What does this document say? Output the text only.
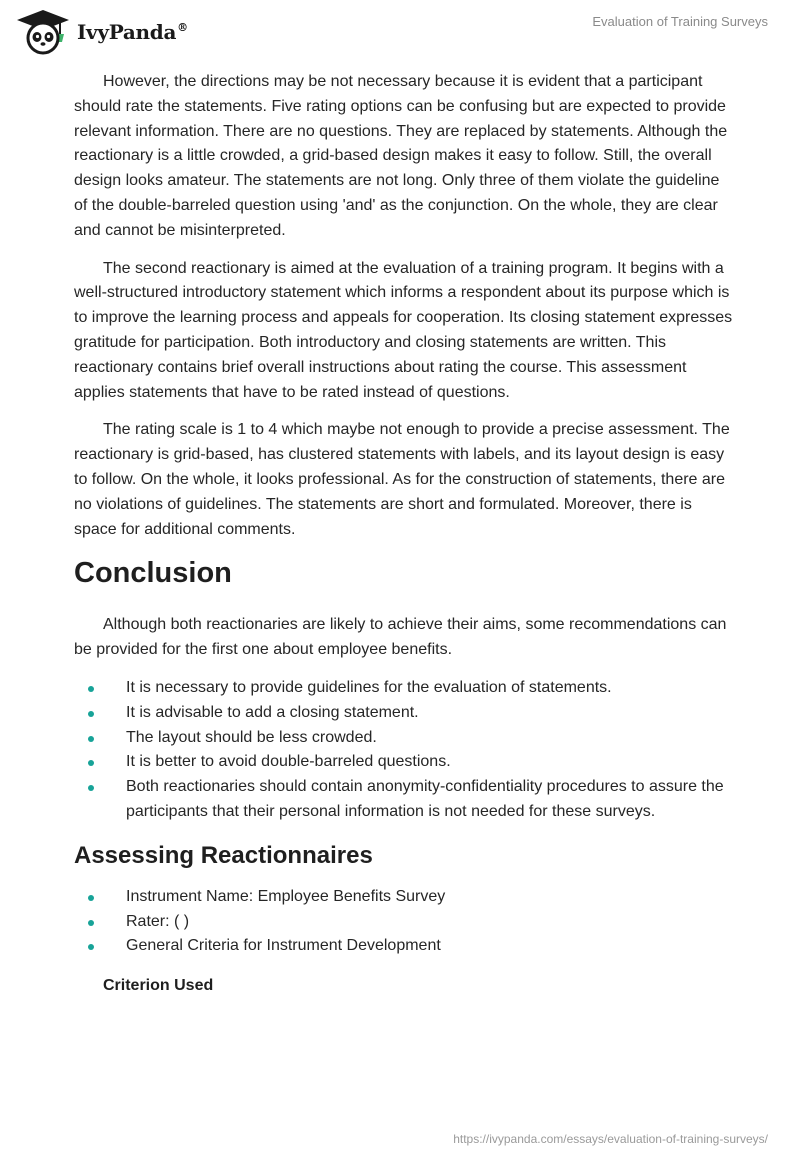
IvyPanda®	Evaluation of Training Surveys

However, the directions may be not necessary because it is evident that a participant should rate the statements. Five rating options can be confusing but are expected to provide relevant information. There are no questions. They are replaced by statements. Although the reactionary is a little crowded, a grid-based design makes it easy to follow. Still, the overall design looks amateur. The statements are not long. Only three of them violate the guideline of the double-barreled question using 'and' as the conjunction. On the whole, they are clear and cannot be misinterpreted.

The second reactionary is aimed at the evaluation of a training program. It begins with a well-structured introductory statement which informs a respondent about its purpose which is to improve the learning process and appeals for cooperation. Its closing statement expresses gratitude for participation. Both introductory and closing statements are written. This reactionary contains brief overall instructions about rating the course. This assessment applies statements that have to be rated instead of questions.

The rating scale is 1 to 4 which maybe not enough to provide a precise assessment. The reactionary is grid-based, has clustered statements with labels, and its layout design is easy to follow. On the whole, it looks professional. As for the construction of statements, there are no violations of guidelines. The statements are short and formulated. Moreover, there is space for additional comments.

Conclusion

Although both reactionaries are likely to achieve their aims, some recommendations can be provided for the first one about employee benefits.

It is necessary to provide guidelines for the evaluation of statements.
It is advisable to add a closing statement.
The layout should be less crowded.
It is better to avoid double-barreled questions.
Both reactionaries should contain anonymity-confidentiality procedures to assure the participants that their personal information is not needed for these surveys.
Assessing Reactionnaires
Instrument Name: Employee Benefits Survey
Rater: ( )
General Criteria for Instrument Development
Criterion Used
https://ivypanda.com/essays/evaluation-of-training-surveys/
